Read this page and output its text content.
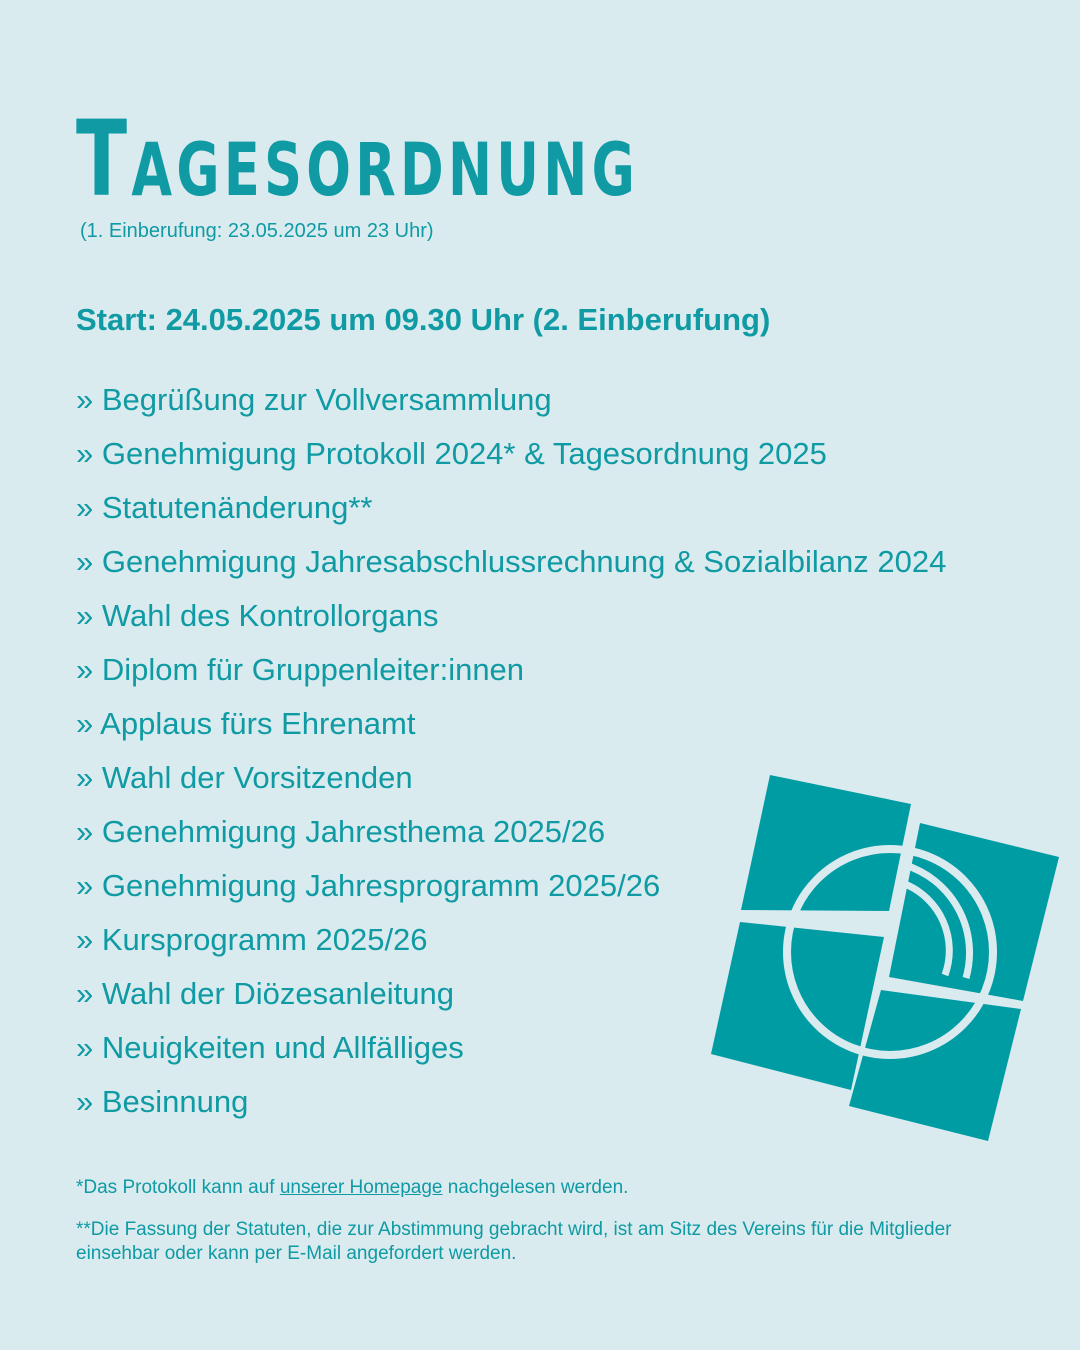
Tagesordnung
(1. Einberufung: 23.05.2025 um 23 Uhr)
Start: 24.05.2025 um 09.30 Uhr (2. Einberufung)
» Begrüßung zur Vollversammlung
» Genehmigung Protokoll 2024* & Tagesordnung 2025
» Statutenänderung**
» Genehmigung Jahresabschlussrechnung & Sozialbilanz 2024
» Wahl des Kontrollorgans
» Diplom für Gruppenleiter:innen
» Applaus fürs Ehrenamt
» Wahl der Vorsitzenden
» Genehmigung Jahresthema 2025/26
» Genehmigung Jahresprogramm 2025/26
» Kursprogramm 2025/26
» Wahl der Diözesanleitung
» Neuigkeiten und Allfälliges
» Besinnung

*Das Protokoll kann auf unserer Homepage nachgelesen werden.

**Die Fassung der Statuten, die zur Abstimmung gebracht wird, ist am Sitz des Vereins für die Mitglieder einsehbar oder kann per E-Mail angefordert werden.
